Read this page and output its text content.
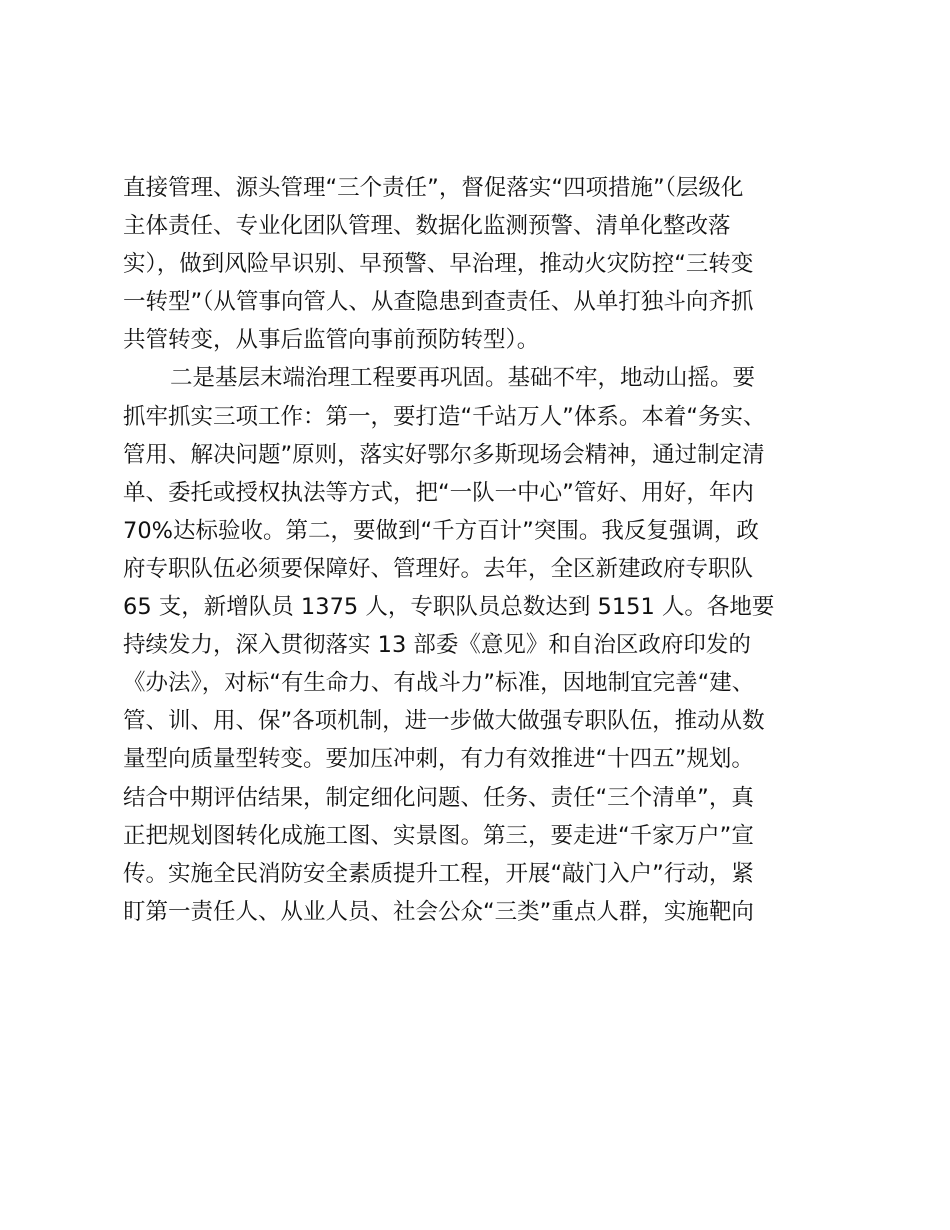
直接管理、源头管理“三个责任”，督促落实“四项措施”（层级化
主体责任、专业化团队管理、数据化监测预警、清单化整改落
实），做到风险早识别、早预警、早治理，推动火灾防控“三转变
一转型”（从管事向管人、从查隐患到查责任、从单打独斗向齐抓
共管转变，从事后监管向事前预防转型）。
二是基层末端治理工程要再巩固。基础不牢，地动山摇。要
抓牢抓实三项工作：第一，要打造“千站万人”体系。本着“务实、
管用、解决问题”原则，落实好鄂尔多斯现场会精神，通过制定清
单、委托或授权执法等方式，把“一队一中心”管好、用好，年内
70%达标验收。第二，要做到“千方百计”突围。我反复强调，政
府专职队伍必须要保障好、管理好。去年，全区新建政府专职队
65 支，新增队员 1375 人，专职队员总数达到 5151 人。各地要
持续发力，深入贯彻落实 13 部委《意见》和自治区政府印发的
《办法》，对标“有生命力、有战斗力”标准，因地制宜完善“建、
管、训、用、保”各项机制，进一步做大做强专职队伍，推动从数
量型向质量型转变。要加压冲刺，有力有效推进“十四五”规划。
结合中期评估结果，制定细化问题、任务、责任“三个清单”，真
正把规划图转化成施工图、实景图。第三，要走进“千家万户”宣
传。实施全民消防安全素质提升工程，开展“敲门入户”行动，紧
盯第一责任人、从业人员、社会公众“三类”重点人群，实施靶向
